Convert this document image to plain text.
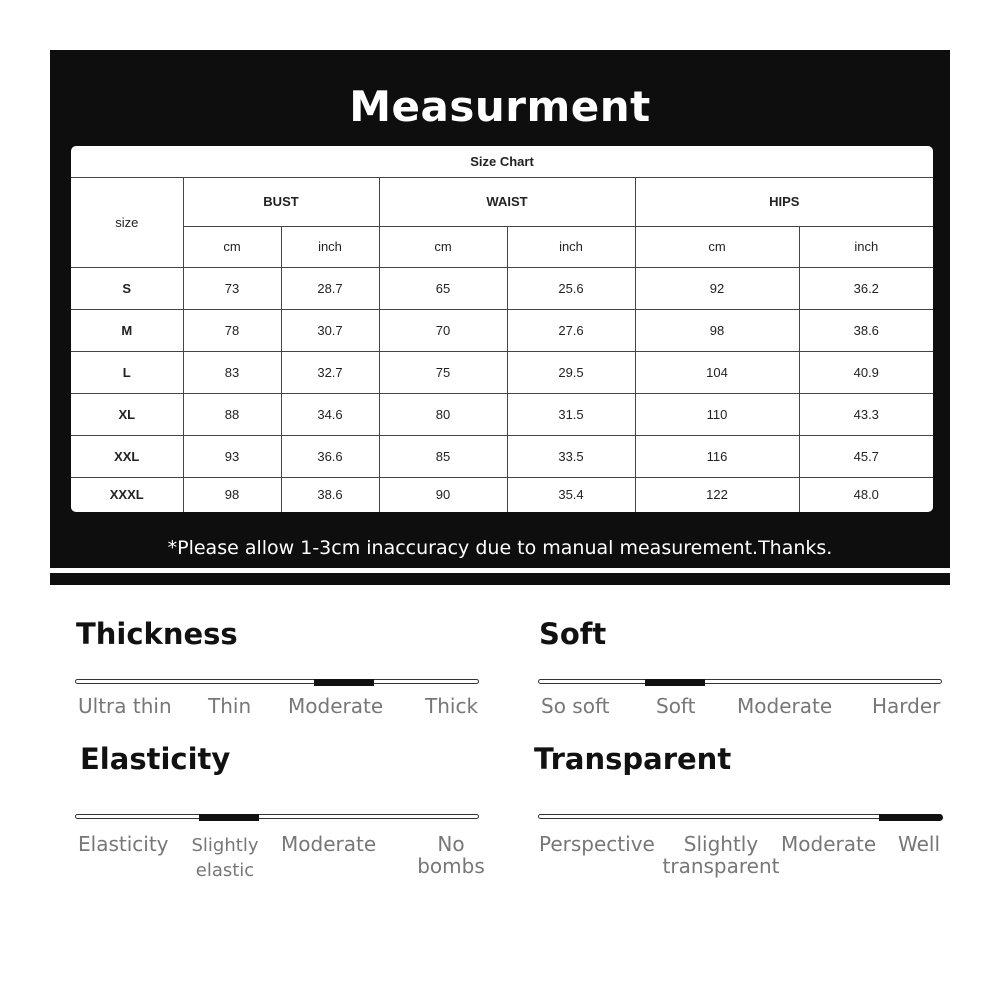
Measurment
Size Chart						
size	BUST		WAIST		HIPS	
	cm	inch	cm	inch	cm	inch
S	73	28.7	65	25.6	92	36.2
M	78	30.7	70	27.6	98	38.6
L	83	32.7	75	29.5	104	40.9
XL	88	34.6	80	31.5	110	43.3
XXL	93	36.6	85	33.5	116	45.7
XXXL	98	38.6	90	35.4	122	48.0
*Please allow 1-3cm inaccuracy due to manual measurement.Thanks.
Thickness
Ultra thin Thin Moderate Thick
Soft
So soft Soft Moderate Harder
Elasticity
Elasticity Slightly elastic
Moderate	No bombs
Transparent
Perspective	Slightly transparent
Moderate Well
